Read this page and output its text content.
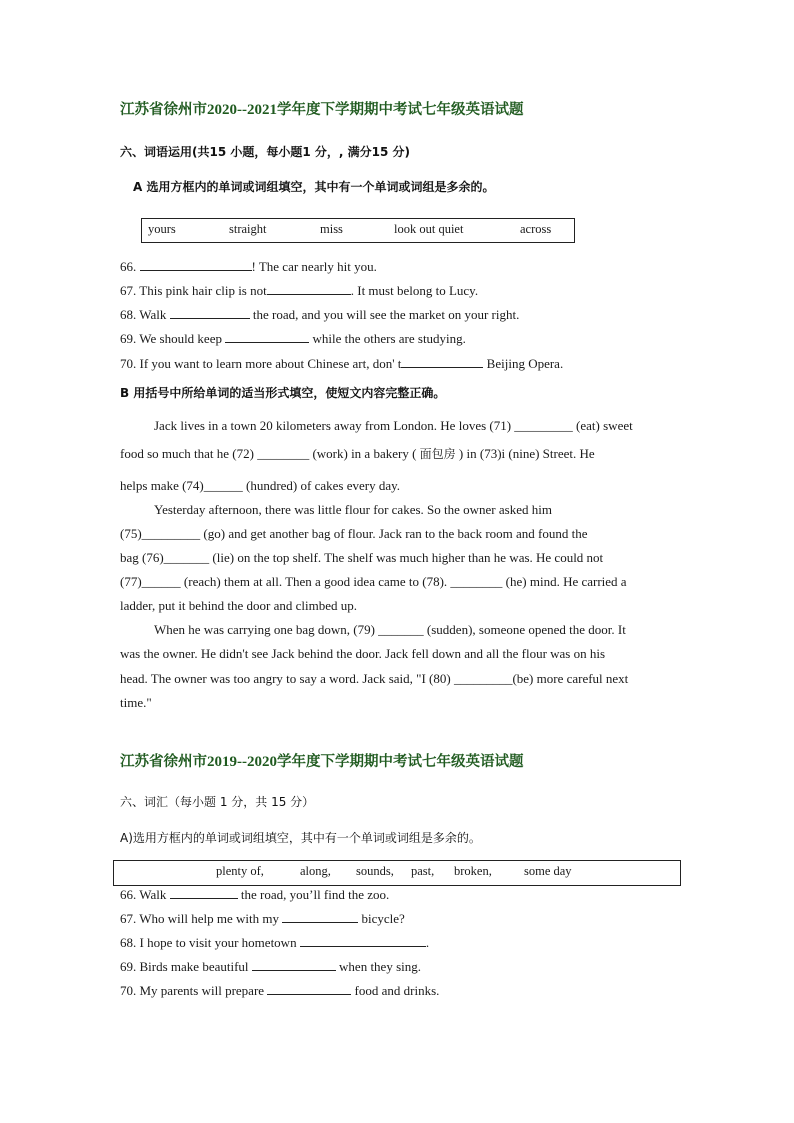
江苏省徐州市2020--2021学年度下学期期中考试七年级英语试题
六、词语运用(共15 小题，每小题1 分，, 满分15 分)
A 选用方框内的单词或词组填空，其中有一个单词或词组是多余的。
yours	straight	miss	look out quiet	across
66.	! The car nearly hit you.
67. This pink hair clip is not	. It must belong to Lucy.
68. Walk	the road, and you will see the market on your right.
69. We should keep	while the others are studying.
70. If you want to learn more about Chinese art, don' t	Beijing Opera.
B 用括号中所给单词的适当形式填空，使短文内容完整正确。
Jack lives in a town 20 kilometers away from London. He loves (71) _________ (eat) sweet
food so much that he (72) ________ (work) in a bakery ( 面包房 ) in (73)i (nine) Street. He
helps make (74)______ (hundred) of cakes every day.
Yesterday afternoon, there was little flour for cakes. So the owner asked him
(75)_________ (go) and get another bag of flour. Jack ran to the back room and found the
bag (76)_______ (lie) on the top shelf. The shelf was much higher than he was. He could not
(77)______ (reach) them at all. Then a good idea came to (78). ________ (he) mind. He carried a
ladder, put it behind the door and climbed up.
When he was carrying one bag down, (79) _______ (sudden), someone opened the door. It
was the owner. He didn't see Jack behind the door. Jack fell down and all the flour was on his
head. The owner was too angry to say a word. Jack said, "I (80) _________(be) more careful next
time."
江苏省徐州市2019--2020学年度下学期期中考试七年级英语试题
六、词汇（每小题 1 分，共 15 分）
A)选用方框内的单词或词组填空，其中有一个单词或词组是多余的。
plenty of,	along, sounds, past, broken,	some day
66. Walk	the road, you’ll find the zoo.
67. Who will help me with my	bicycle?
68. I hope to visit your hometown	.
69. Birds make beautiful	when they sing.
70. My parents will prepare	food and drinks.
